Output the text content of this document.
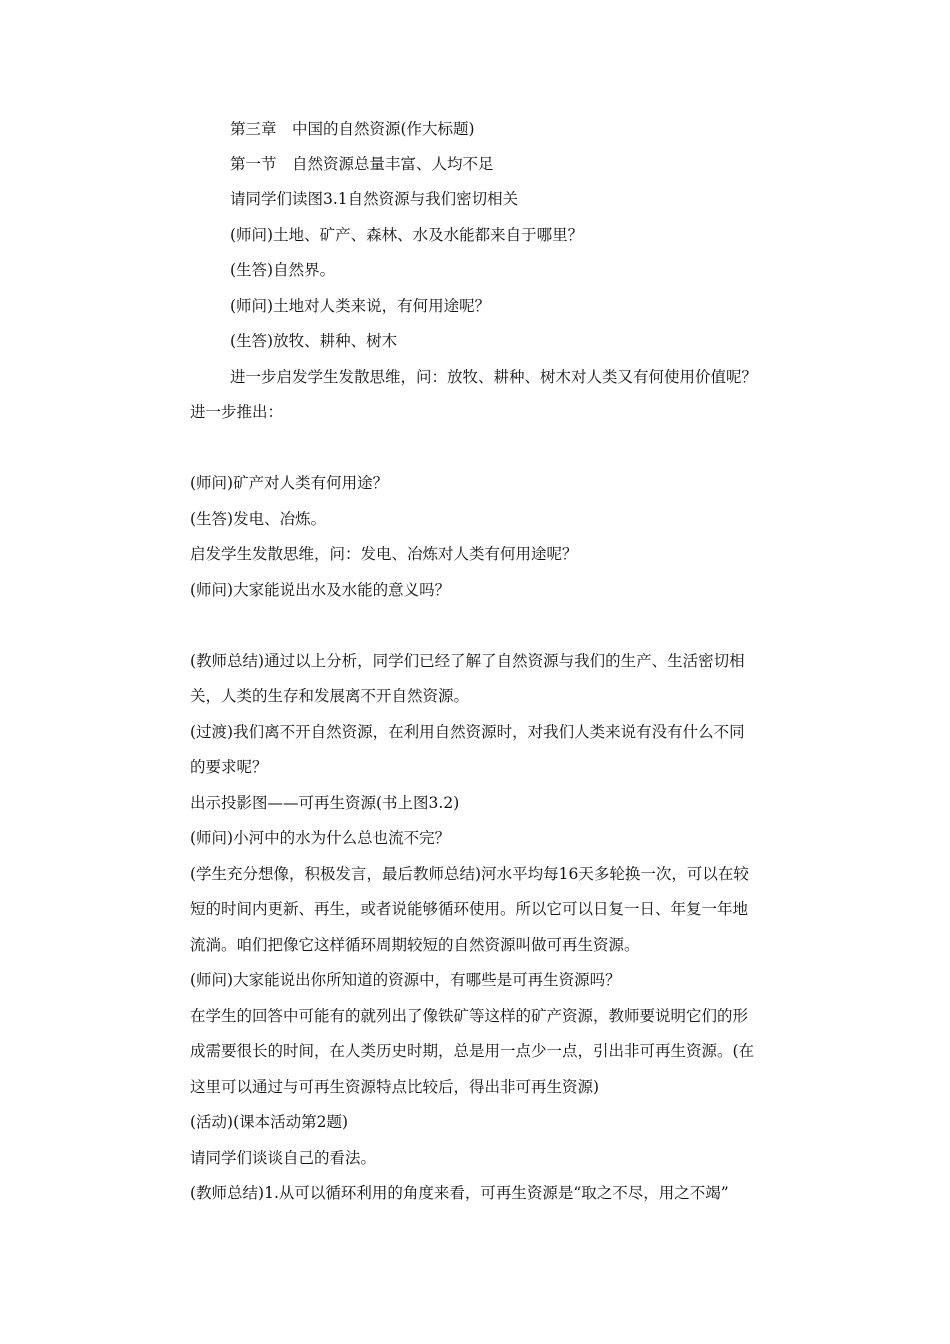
第三章　中国的自然资源(作大标题)
第一节　自然资源总量丰富、人均不足
请同学们读图3.1自然资源与我们密切相关
(师问)土地、矿产、森林、水及水能都来自于哪里？
(生答)自然界。
(师问)土地对人类来说，有何用途呢？
(生答)放牧、耕种、树木
进一步启发学生发散思维，问：放牧、耕种、树木对人类又有何使用价值呢？
进一步推出：
(师问)矿产对人类有何用途？
(生答)发电、冶炼。
启发学生发散思维，问：发电、冶炼对人类有何用途呢？
(师问)大家能说出水及水能的意义吗？
(教师总结)通过以上分析，同学们已经了解了自然资源与我们的生产、生活密切相
关，人类的生存和发展离不开自然资源。
(过渡)我们离不开自然资源，在利用自然资源时，对我们人类来说有没有什么不同
的要求呢？
出示投影图——可再生资源(书上图3.2)
(师问)小河中的水为什么总也流不完？
(学生充分想像，积极发言，最后教师总结)河水平均每16天多轮换一次，可以在较
短的时间内更新、再生，或者说能够循环使用。所以它可以日复一日、年复一年地
流淌。咱们把像它这样循环周期较短的自然资源叫做可再生资源。
(师问)大家能说出你所知道的资源中，有哪些是可再生资源吗？
在学生的回答中可能有的就列出了像铁矿等这样的矿产资源，教师要说明它们的形
成需要很长的时间，在人类历史时期，总是用一点少一点，引出非可再生资源。(在
这里可以通过与可再生资源特点比较后，得出非可再生资源)
(活动)(课本活动第2题)
请同学们谈谈自己的看法。
(教师总结)1.从可以循环利用的角度来看，可再生资源是“取之不尽，用之不竭”
